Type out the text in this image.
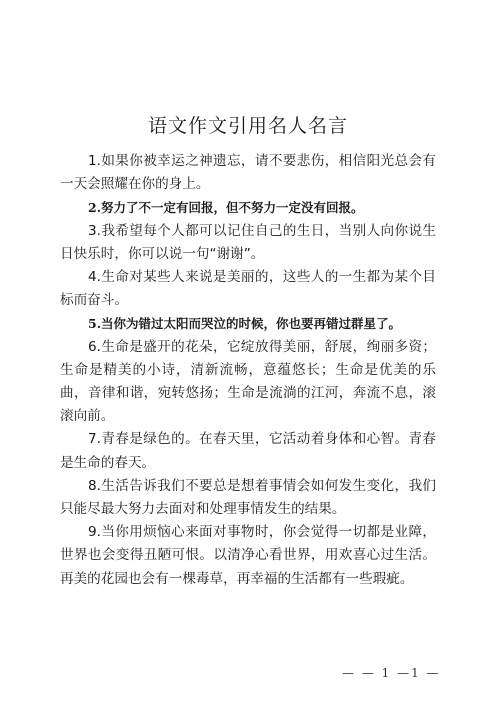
语文作文引用名人名言

1.如果你被幸运之神遗忘，请不要悲伤，相信阳光总会有一天会照耀在你的身上。

2.努力了不一定有回报，但不努力一定没有回报。

3.我希望每个人都可以记住自己的生日，当别人向你说生日快乐时，你可以说一句“谢谢”。

4.生命对某些人来说是美丽的，这些人的一生都为某个目标而奋斗。

5.当你为错过太阳而哭泣的时候，你也要再错过群星了。

6.生命是盛开的花朵，它绽放得美丽，舒展，绚丽多资；生命是精美的小诗，清新流畅，意蕴悠长；生命是优美的乐曲，音律和谐，宛转悠扬；生命是流淌的江河，奔流不息，滚滚向前。

7.青春是绿色的。在春天里，它活动着身体和心智。青春是生命的春天。

8.生活告诉我们不要总是想着事情会如何发生变化，我们只能尽最大努力去面对和处理事情发生的结果。

9.当你用烦恼心来面对事物时，你会觉得一切都是业障，世界也会变得丑陋可恨。以清净心看世界，用欢喜心过生活。再美的花园也会有一棵毒草，再幸福的生活都有一些瑕疵。

— — 1 —1 —
